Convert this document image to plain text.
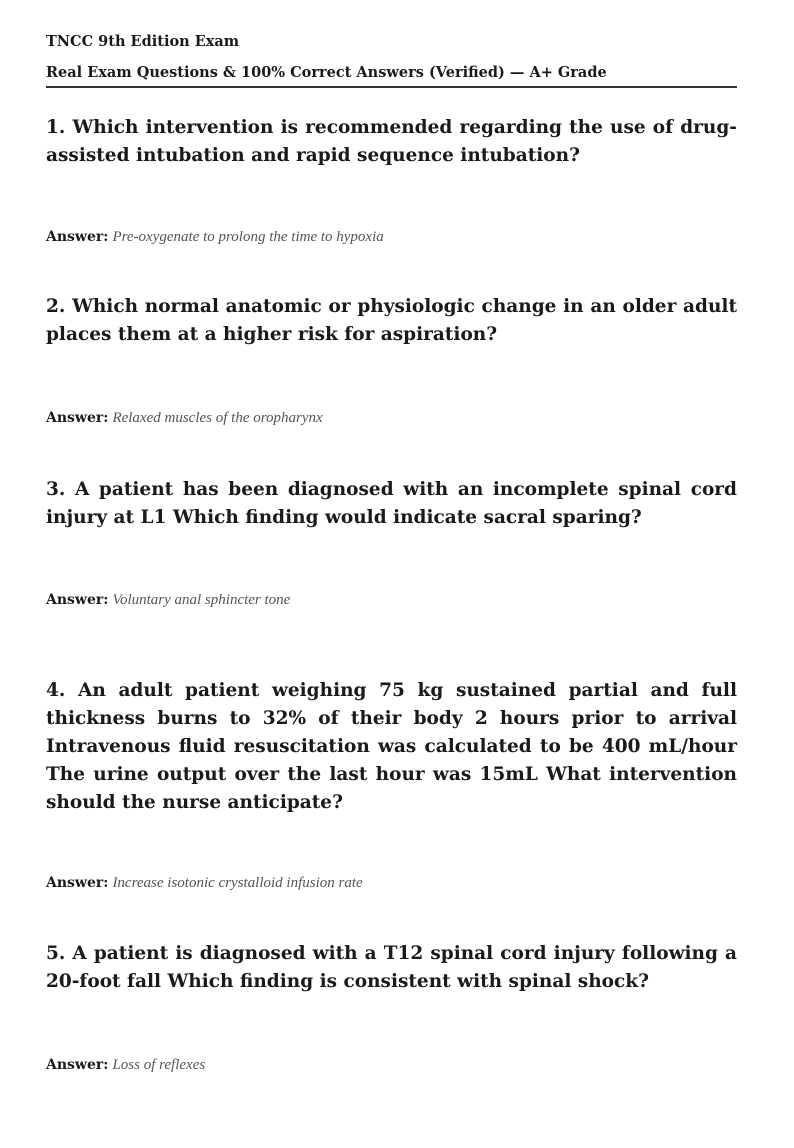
TNCC 9th Edition Exam
Real Exam Questions & 100% Correct Answers (Verified) — A+ Grade
1. Which intervention is recommended regarding the use of drug-assisted intubation and rapid sequence intubation?
Answer: Pre-oxygenate to prolong the time to hypoxia
2. Which normal anatomic or physiologic change in an older adult places them at a higher risk for aspiration?
Answer: Relaxed muscles of the oropharynx
3. A patient has been diagnosed with an incomplete spinal cord injury at L1 Which finding would indicate sacral sparing?
Answer: Voluntary anal sphincter tone
4. An adult patient weighing 75 kg sustained partial and full thickness burns to 32% of their body 2 hours prior to arrival Intravenous fluid resuscitation was calculated to be 400 mL/hour The urine output over the last hour was 15mL What intervention should the nurse anticipate?
Answer: Increase isotonic crystalloid infusion rate
5. A patient is diagnosed with a T12 spinal cord injury following a 20-foot fall Which finding is consistent with spinal shock?
Answer: Loss of reflexes
